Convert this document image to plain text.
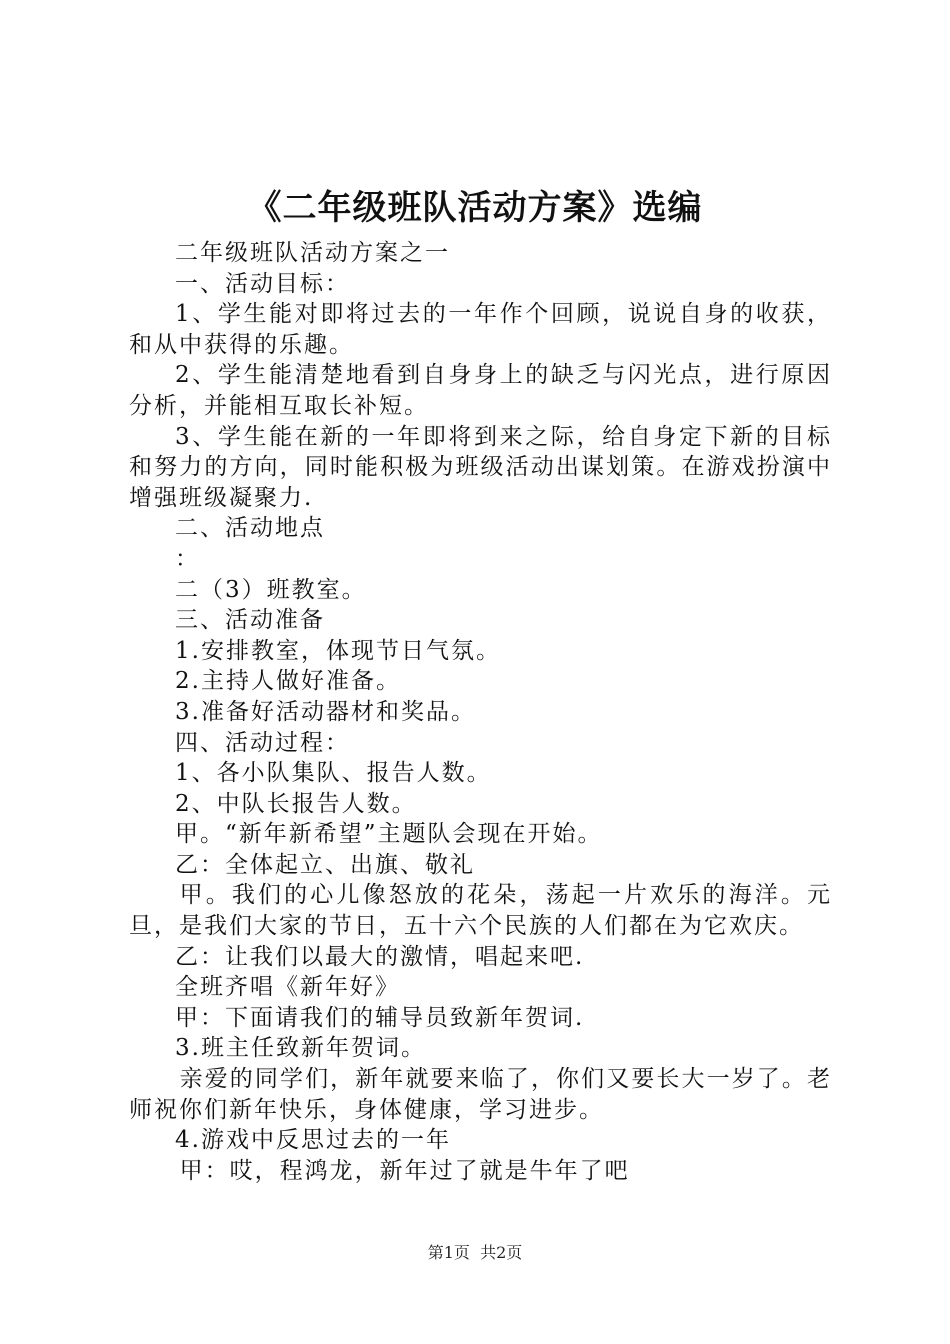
《二年级班队活动方案》选编

二年级班队活动方案之一

一、活动目标：

1、学生能对即将过去的一年作个回顾，说说自身的收获，和从中获得的乐趣。

2、学生能清楚地看到自身身上的缺乏与闪光点，进行原因分析，并能相互取长补短。

3、学生能在新的一年即将到来之际，给自身定下新的目标和努力的方向，同时能积极为班级活动出谋划策。在游戏扮演中增强班级凝聚力.

二、活动地点

：

二（3）班教室。

三、活动准备

1.安排教室，体现节日气氛。

2.主持人做好准备。

3.准备好活动器材和奖品。

四、活动过程：

1、各小队集队、报告人数。

2、中队长报告人数。

甲。“新年新希望”主题队会现在开始。

乙：全体起立、出旗、敬礼

甲。我们的心儿像怒放的花朵，荡起一片欢乐的海洋。元旦，是我们大家的节日，五十六个民族的人们都在为它欢庆。

乙：让我们以最大的激情，唱起来吧.

全班齐唱《新年好》

甲：下面请我们的辅导员致新年贺词.

3.班主任致新年贺词。

亲爱的同学们，新年就要来临了，你们又要长大一岁了。老师祝你们新年快乐，身体健康，学习进步。

4.游戏中反思过去的一年

甲：哎，程鸿龙，新年过了就是牛年了吧

第1页 共2页
